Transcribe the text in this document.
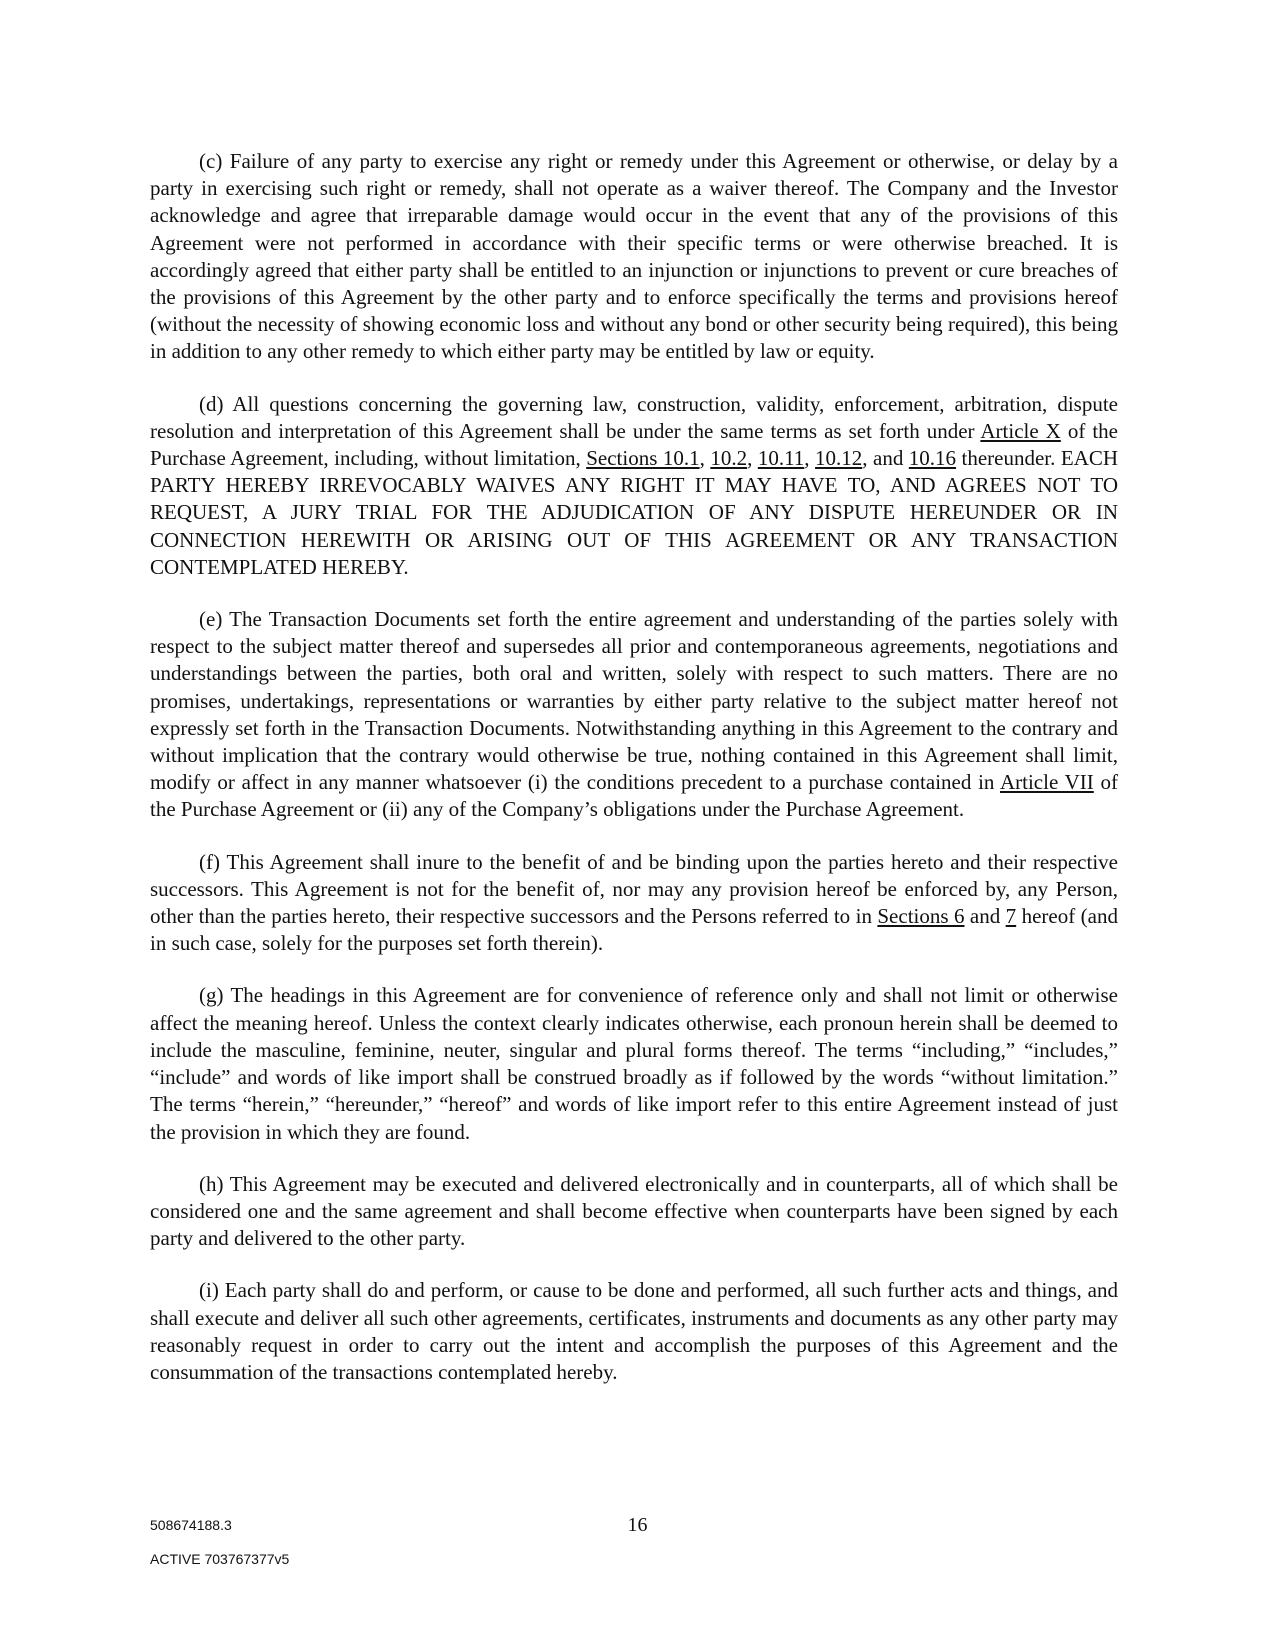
(c) Failure of any party to exercise any right or remedy under this Agreement or otherwise, or delay by a party in exercising such right or remedy, shall not operate as a waiver thereof. The Company and the Investor acknowledge and agree that irreparable damage would occur in the event that any of the provisions of this Agreement were not performed in accordance with their specific terms or were otherwise breached. It is accordingly agreed that either party shall be entitled to an injunction or injunctions to prevent or cure breaches of the provisions of this Agreement by the other party and to enforce specifically the terms and provisions hereof (without the necessity of showing economic loss and without any bond or other security being required), this being in addition to any other remedy to which either party may be entitled by law or equity.

(d) All questions concerning the governing law, construction, validity, enforcement, arbitration, dispute resolution and interpretation of this Agreement shall be under the same terms as set forth under Article X of the Purchase Agreement, including, without limitation, Sections 10.1, 10.2, 10.11, 10.12, and 10.16 thereunder. EACH PARTY HEREBY IRREVOCABLY WAIVES ANY RIGHT IT MAY HAVE TO, AND AGREES NOT TO REQUEST, A JURY TRIAL FOR THE ADJUDICATION OF ANY DISPUTE HEREUNDER OR IN CONNECTION HEREWITH OR ARISING OUT OF THIS AGREEMENT OR ANY TRANSACTION CONTEMPLATED HEREBY.

(e) The Transaction Documents set forth the entire agreement and understanding of the parties solely with respect to the subject matter thereof and supersedes all prior and contemporaneous agreements, negotiations and understandings between the parties, both oral and written, solely with respect to such matters. There are no promises, undertakings, representations or warranties by either party relative to the subject matter hereof not expressly set forth in the Transaction Documents. Notwithstanding anything in this Agreement to the contrary and without implication that the contrary would otherwise be true, nothing contained in this Agreement shall limit, modify or affect in any manner whatsoever (i) the conditions precedent to a purchase contained in Article VII of the Purchase Agreement or (ii) any of the Company’s obligations under the Purchase Agreement.

(f) This Agreement shall inure to the benefit of and be binding upon the parties hereto and their respective successors. This Agreement is not for the benefit of, nor may any provision hereof be enforced by, any Person, other than the parties hereto, their respective successors and the Persons referred to in Sections 6 and 7 hereof (and in such case, solely for the purposes set forth therein).

(g) The headings in this Agreement are for convenience of reference only and shall not limit or otherwise affect the meaning hereof. Unless the context clearly indicates otherwise, each pronoun herein shall be deemed to include the masculine, feminine, neuter, singular and plural forms thereof. The terms “including,” “includes,” “include” and words of like import shall be construed broadly as if followed by the words “without limitation.” The terms “herein,” “hereunder,” “hereof” and words of like import refer to this entire Agreement instead of just the provision in which they are found.

(h) This Agreement may be executed and delivered electronically and in counterparts, all of which shall be considered one and the same agreement and shall become effective when counterparts have been signed by each party and delivered to the other party.

(i) Each party shall do and perform, or cause to be done and performed, all such further acts and things, and shall execute and deliver all such other agreements, certificates, instruments and documents as any other party may reasonably request in order to carry out the intent and accomplish the purposes of this Agreement and the consummation of the transactions contemplated hereby.

508674188.3
ACTIVE 703767377v5
16
